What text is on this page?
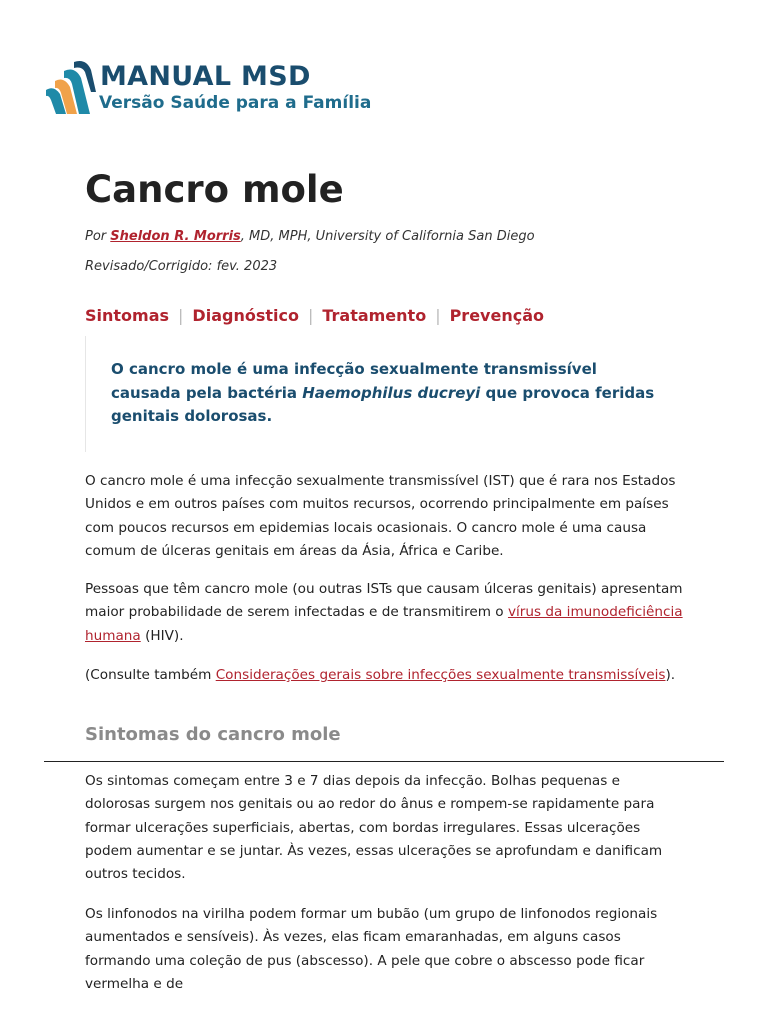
MANUAL MSD
Versão Saúde para a Família
Cancro mole
Por Sheldon R. Morris, MD, MPH, University of California San Diego
Revisado/Corrigido: fev. 2023
Sintomas | Diagnóstico | Tratamento | Prevenção

O cancro mole é uma infecção sexualmente transmissível causada pela bactéria Haemophilus ducreyi que provoca feridas genitais dolorosas.

O cancro mole é uma infecção sexualmente transmissível (IST) que é rara nos Estados Unidos e em outros países com muitos recursos, ocorrendo principalmente em países com poucos recursos em epidemias locais ocasionais. O cancro mole é uma causa comum de úlceras genitais em áreas da Ásia, África e Caribe.

Pessoas que têm cancro mole (ou outras ISTs que causam úlceras genitais) apresentam maior probabilidade de serem infectadas e de transmitirem o vírus da imunodeficiência humana (HIV).

(Consulte também Considerações gerais sobre infecções sexualmente transmissíveis).

Sintomas do cancro mole

Os sintomas começam entre 3 e 7 dias depois da infecção. Bolhas pequenas e dolorosas surgem nos genitais ou ao redor do ânus e rompem-se rapidamente para formar ulcerações superficiais, abertas, com bordas irregulares. Essas ulcerações podem aumentar e se juntar. Às vezes, essas ulcerações se aprofundam e danificam outros tecidos.

Os linfonodos na virilha podem formar um bubão (um grupo de linfonodos regionais aumentados e sensíveis). Às vezes, elas ficam emaranhadas, em alguns casos formando uma coleção de pus (abscesso). A pele que cobre o abscesso pode ficar vermelha e de
